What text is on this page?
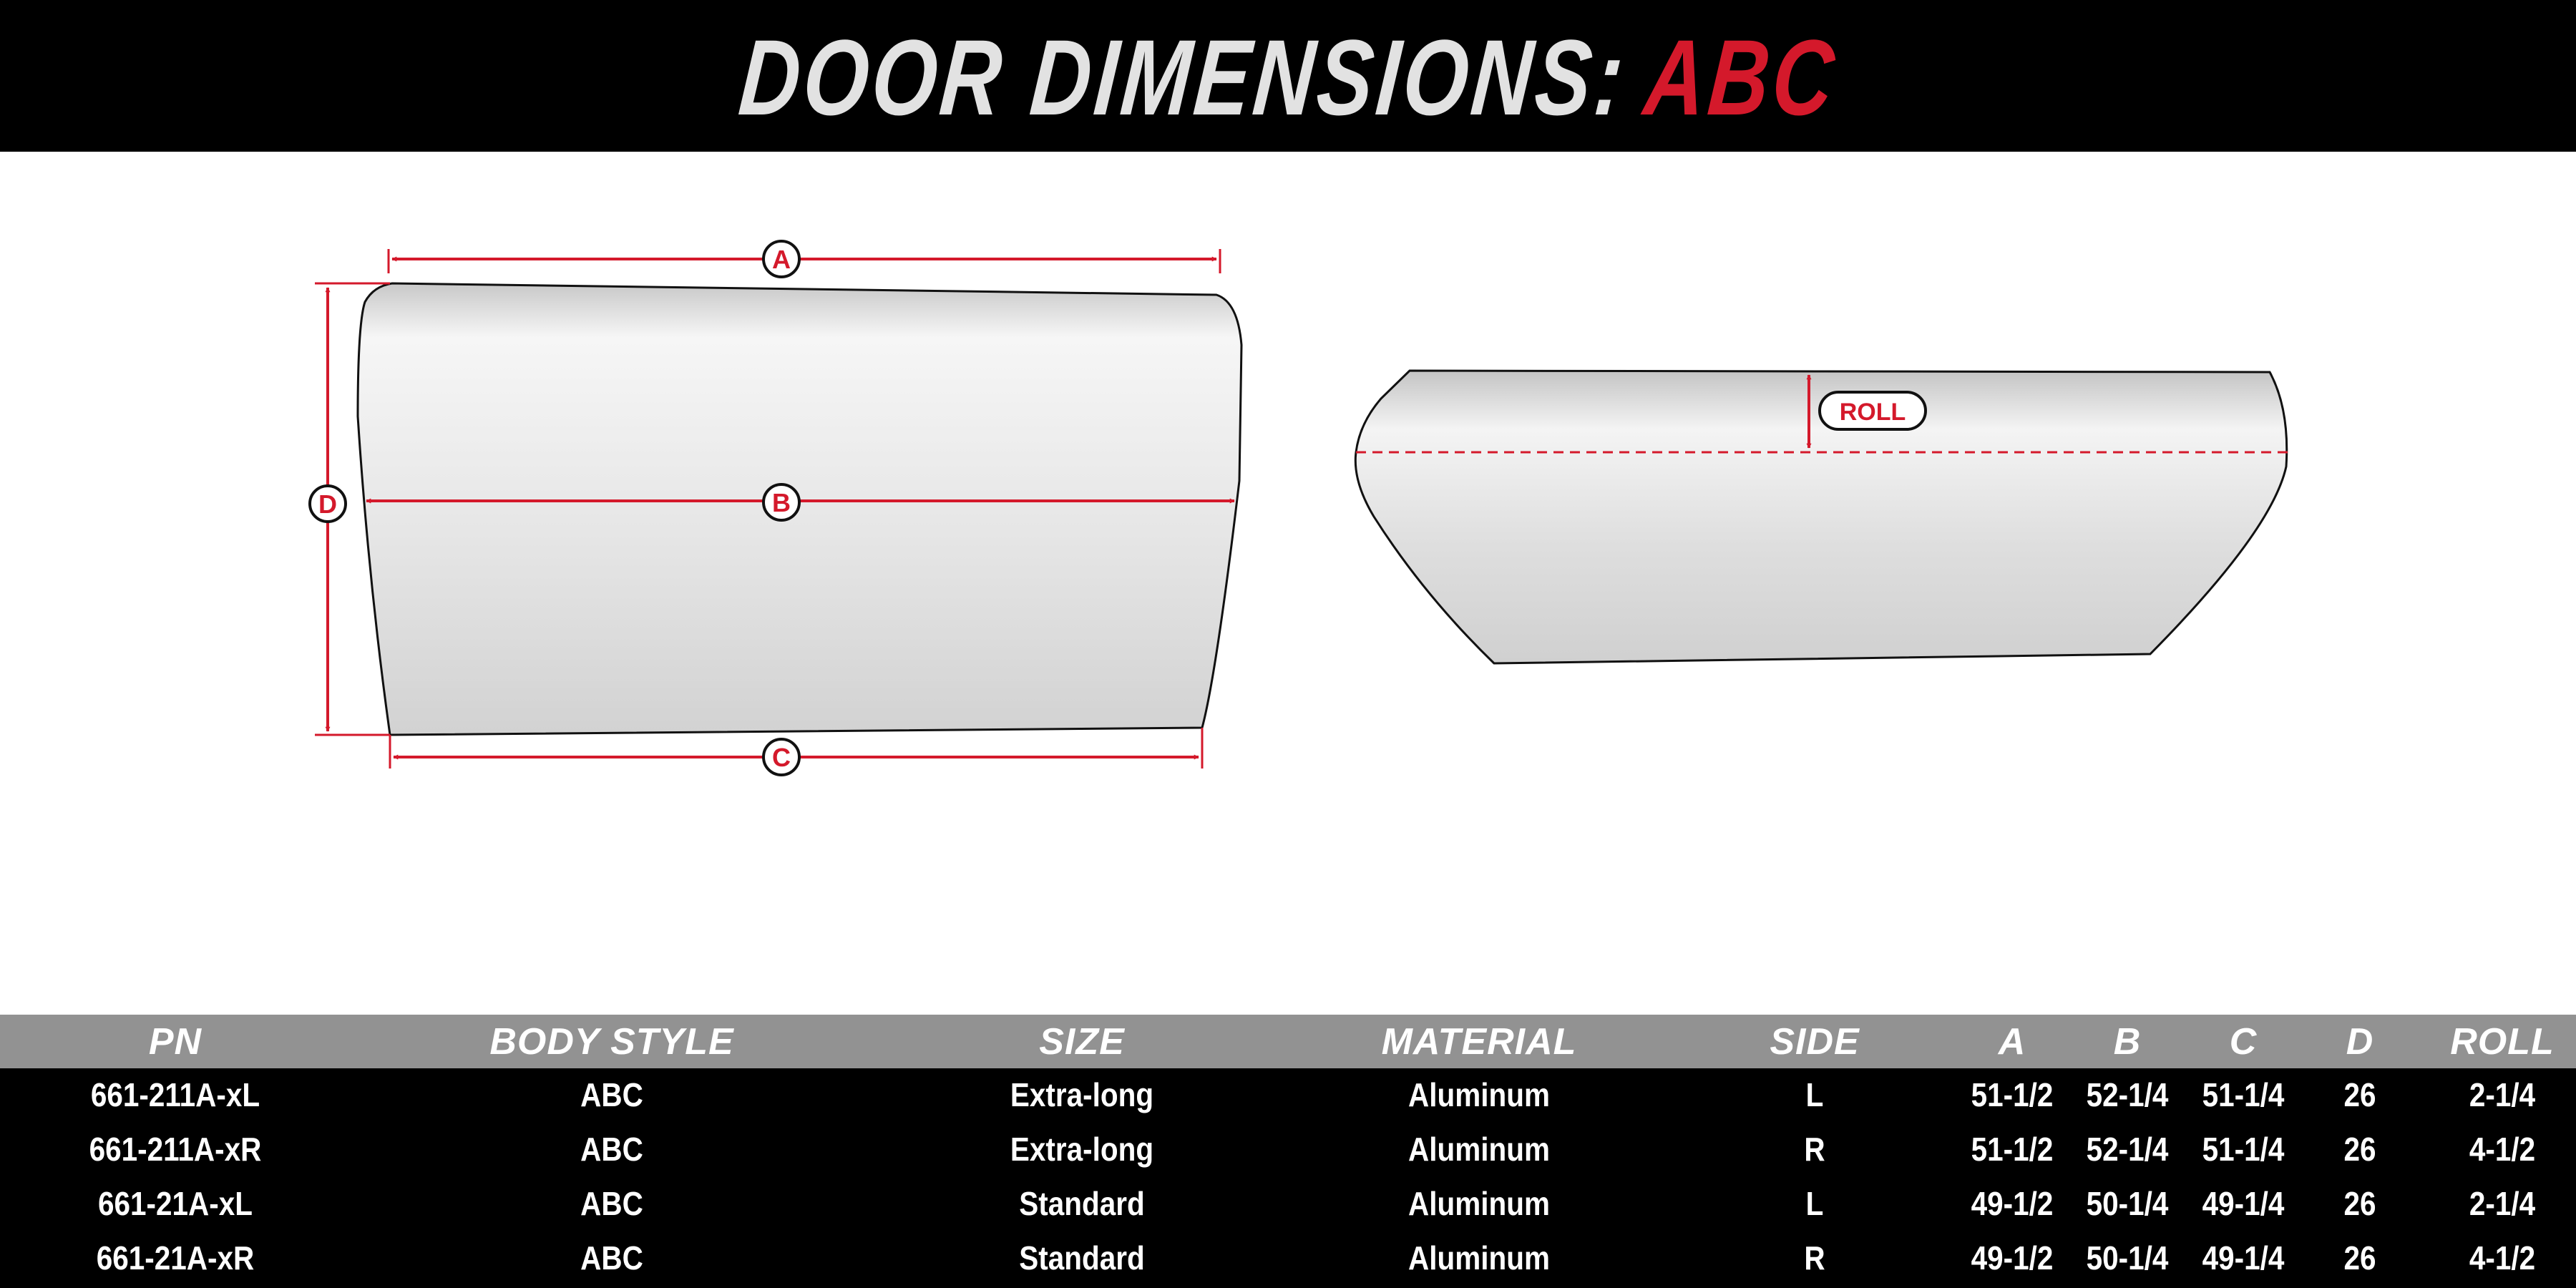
DOOR DIMENSIONS:ABC
A
B
C
D
ROLL
PN	BODY STYLE	SIZE	MATERIAL	SIDE	A B C D ROLL
661-211A-xL	ABC	Extra-long	Aluminum	L	51-1/2 52-1/4 51-1/4 26	2-1/4
661-211A-xR	ABC	Extra-long	Aluminum	R	51-1/2 52-1/4 51-1/4 26	4-1/2
661-21A-xL	ABC	Standard	Aluminum	L	49-1/2 50-1/4 49-1/4 26	2-1/4
661-21A-xR	ABC	Standard	Aluminum	R	49-1/2 50-1/4 49-1/4 26	4-1/2
